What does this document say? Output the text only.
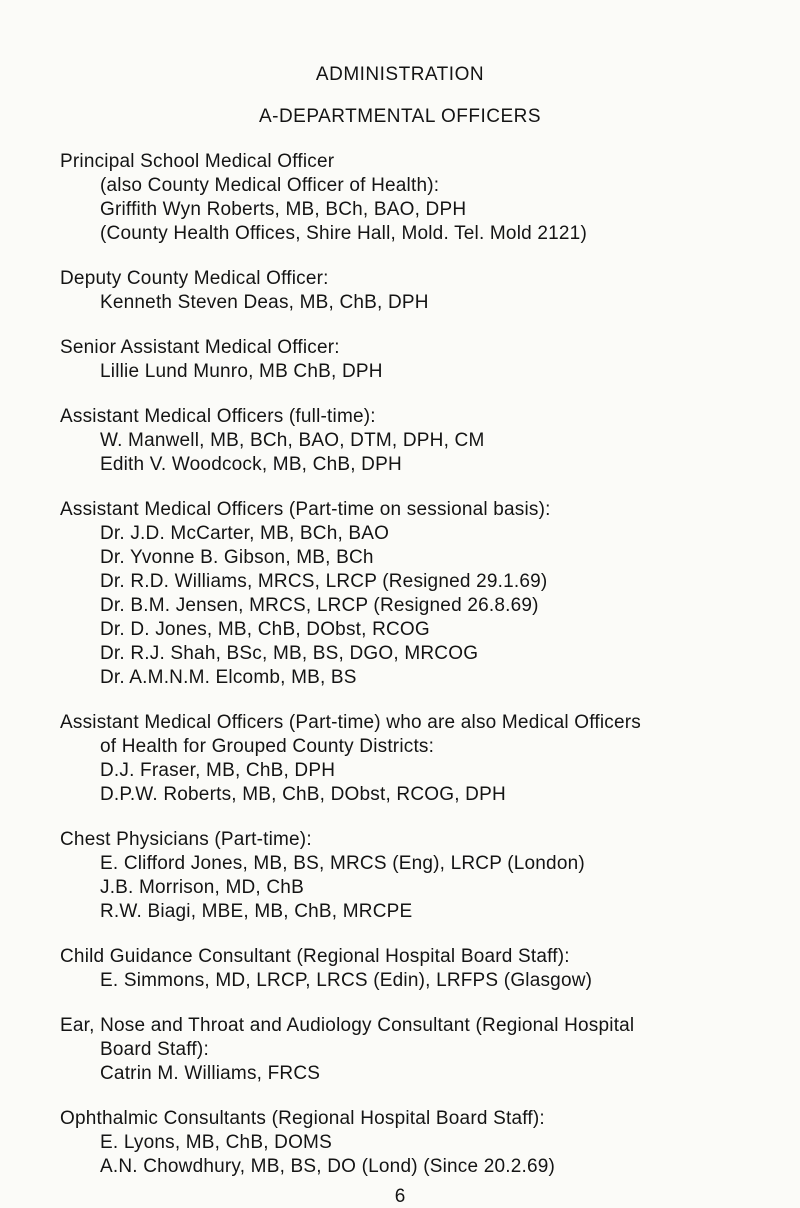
ADMINISTRATION
A-DEPARTMENTAL OFFICERS
Principal School Medical Officer
(also County Medical Officer of Health):
Griffith Wyn Roberts, MB, BCh, BAO, DPH
(County Health Offices, Shire Hall, Mold. Tel. Mold 2121)
Deputy County Medical Officer:
Kenneth Steven Deas, MB, ChB, DPH
Senior Assistant Medical Officer:
Lillie Lund Munro, MB ChB, DPH
Assistant Medical Officers (full-time):
W. Manwell, MB, BCh, BAO, DTM, DPH, CM
Edith V. Woodcock, MB, ChB, DPH
Assistant Medical Officers (Part-time on sessional basis):
Dr. J.D. McCarter, MB, BCh, BAO
Dr. Yvonne B. Gibson, MB, BCh
Dr. R.D. Williams, MRCS, LRCP (Resigned 29.1.69)
Dr. B.M. Jensen, MRCS, LRCP (Resigned 26.8.69)
Dr. D. Jones, MB, ChB, DObst, RCOG
Dr. R.J. Shah, BSc, MB, BS, DGO, MRCOG
Dr. A.M.N.M. Elcomb, MB, BS
Assistant Medical Officers (Part-time) who are also Medical Officers
of Health for Grouped County Districts:
D.J. Fraser, MB, ChB, DPH
D.P.W. Roberts, MB, ChB, DObst, RCOG, DPH
Chest Physicians (Part-time):
E. Clifford Jones, MB, BS, MRCS (Eng), LRCP (London)
J.B. Morrison, MD, ChB
R.W. Biagi, MBE, MB, ChB, MRCPE
Child Guidance Consultant (Regional Hospital Board Staff):
E. Simmons, MD, LRCP, LRCS (Edin), LRFPS (Glasgow)
Ear, Nose and Throat and Audiology Consultant (Regional Hospital
Board Staff):
Catrin M. Williams, FRCS
Ophthalmic Consultants (Regional Hospital Board Staff):
6
E. Lyons, MB, ChB, DOMS
A.N. Chowdhury, MB, BS, DO (Lond) (Since 20.2.69)
